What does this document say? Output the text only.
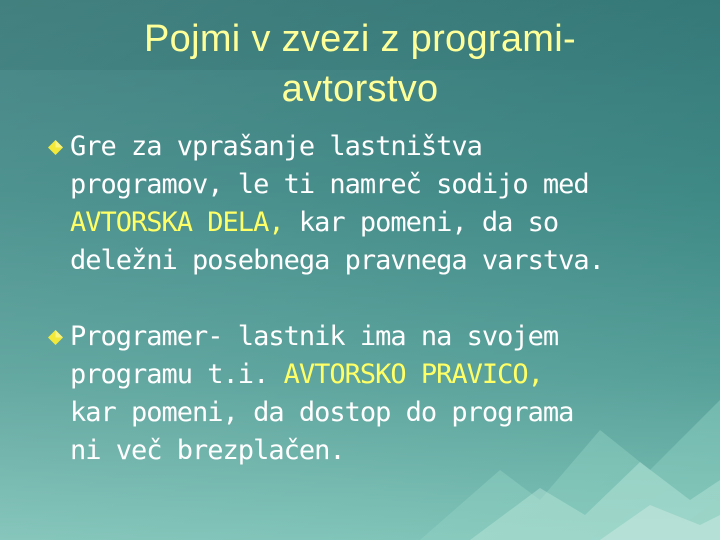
Pojmi v zvezi z programi-
avtorstvo
Gre za vprašanje lastništva
programov, le ti namreč sodijo med
AVTORSKA DELA, kar pomeni, da so
deležni posebnega pravnega varstva.
Programer- lastnik ima na svojem
programu t.i. AVTORSKO PRAVICO,
kar pomeni, da dostop do programa
ni več brezplačen.
